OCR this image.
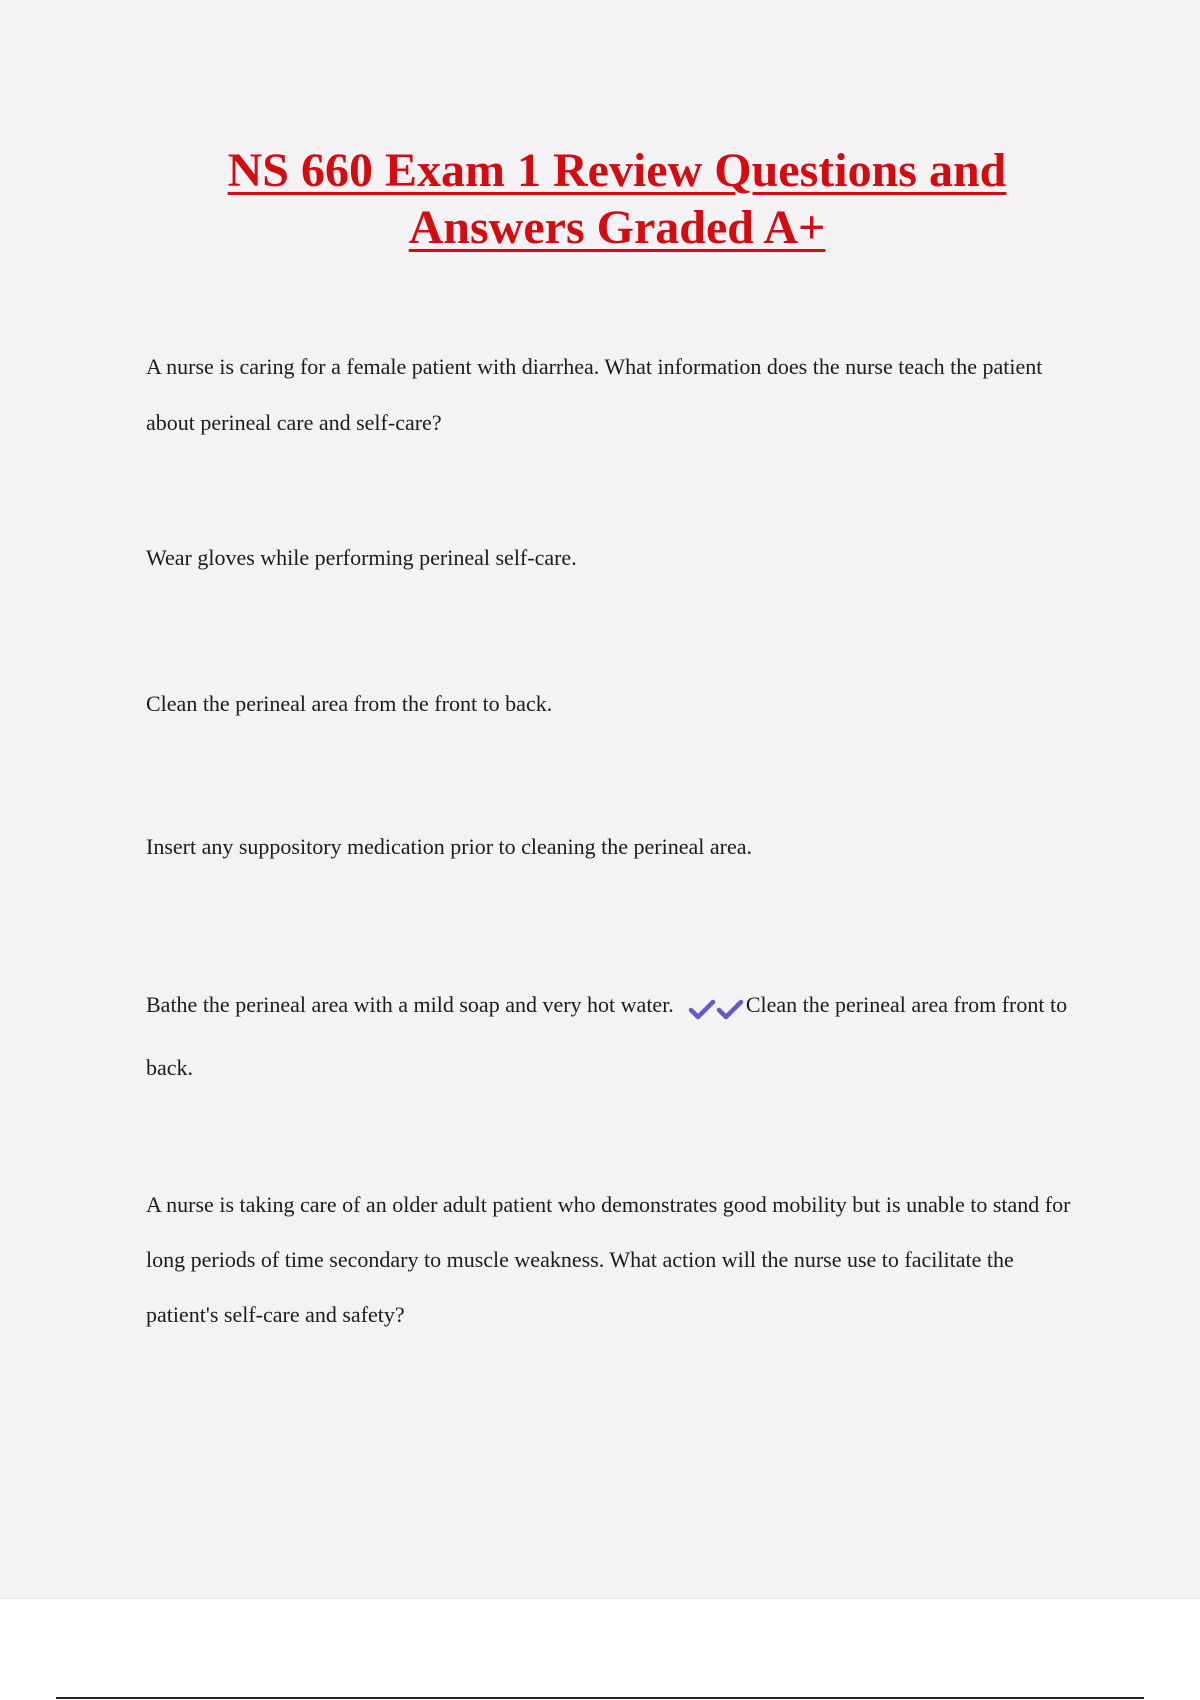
NS 660 Exam 1 Review Questions and
Answers Graded A+

A nurse is caring for a female patient with diarrhea. What information does the nurse teach the patient about perineal care and self-care?

Wear gloves while performing perineal self-care.

Clean the perineal area from the front to back.

Insert any suppository medication prior to cleaning the perineal area.

Bathe the perineal area with a mild soap and very hot water.	Clean the perineal area from front to back.

A nurse is taking care of an older adult patient who demonstrates good mobility but is unable to stand for long periods of time secondary to muscle weakness. What action will the nurse use to facilitate the patient's self-care and safety?
